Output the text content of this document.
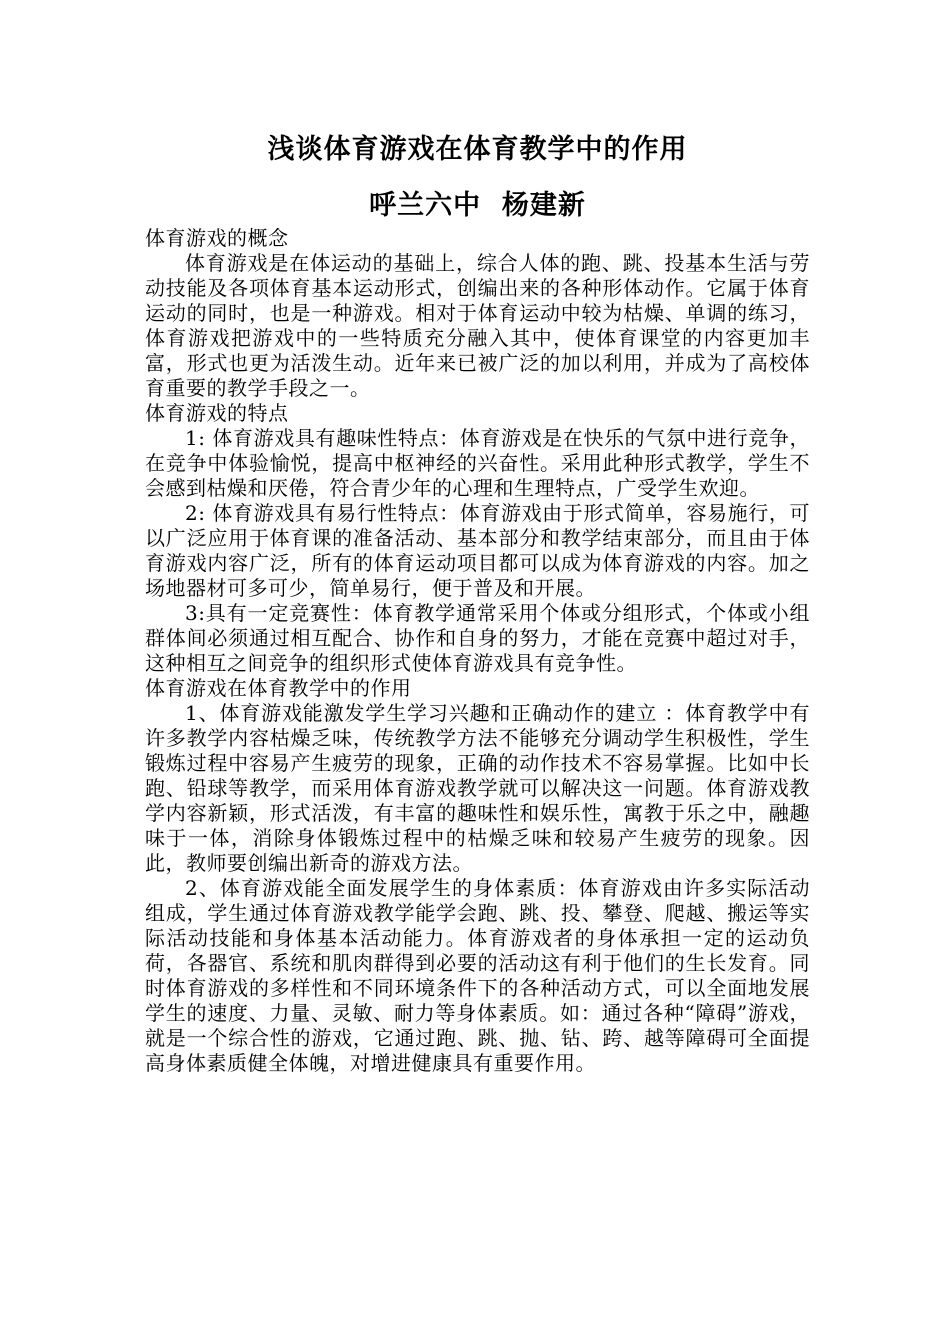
浅谈体育游戏在体育教学中的作用
呼兰六中  杨建新

体育游戏的概念

体育游戏是在体运动的基础上，综合人体的跑、跳、投基本生活与劳动技能及各项体育基本运动形式，创编出来的各种形体动作。它属于体育运动的同时，也是一种游戏。相对于体育运动中较为枯燥、单调的练习，体育游戏把游戏中的一些特质充分融入其中，使体育课堂的内容更加丰富，形式也更为活泼生动。近年来已被广泛的加以利用，并成为了高校体育重要的教学手段之一。

体育游戏的特点

1: 体育游戏具有趣味性特点：体育游戏是在快乐的气氛中进行竞争，在竞争中体验愉悦，提高中枢神经的兴奋性。采用此种形式教学，学生不会感到枯燥和厌倦，符合青少年的心理和生理特点，广受学生欢迎。

2: 体育游戏具有易行性特点：体育游戏由于形式简单，容易施行，可以广泛应用于体育课的准备活动、基本部分和教学结束部分，而且由于体育游戏内容广泛，所有的体育运动项目都可以成为体育游戏的内容。加之场地器材可多可少，简单易行，便于普及和开展。

3:具有一定竞赛性：体育教学通常采用个体或分组形式，个体或小组群体间必须通过相互配合、协作和自身的努力，才能在竞赛中超过对手，这种相互之间竞争的组织形式使体育游戏具有竞争性。

体育游戏在体育教学中的作用

1、体育游戏能激发学生学习兴趣和正确动作的建立 ：体育教学中有许多教学内容枯燥乏味，传统教学方法不能够充分调动学生积极性，学生锻炼过程中容易产生疲劳的现象，正确的动作技术不容易掌握。比如中长跑、铅球等教学，而采用体育游戏教学就可以解决这一问题。体育游戏教学内容新颖，形式活泼，有丰富的趣味性和娱乐性，寓教于乐之中，融趣味于一体，消除身体锻炼过程中的枯燥乏味和较易产生疲劳的现象。因此，教师要创编出新奇的游戏方法。

2、体育游戏能全面发展学生的身体素质：体育游戏由许多实际活动组成，学生通过体育游戏教学能学会跑、跳、投、攀登、爬越、搬运等实际活动技能和身体基本活动能力。体育游戏者的身体承担一定的运动负荷，各器官、系统和肌肉群得到必要的活动这有利于他们的生长发育。同时体育游戏的多样性和不同环境条件下的各种活动方式，可以全面地发展学生的速度、力量、灵敏、耐力等身体素质。如：通过各种“障碍”游戏，就是一个综合性的游戏，它通过跑、跳、抛、钻、跨、越等障碍可全面提高身体素质健全体魄，对增进健康具有重要作用。
